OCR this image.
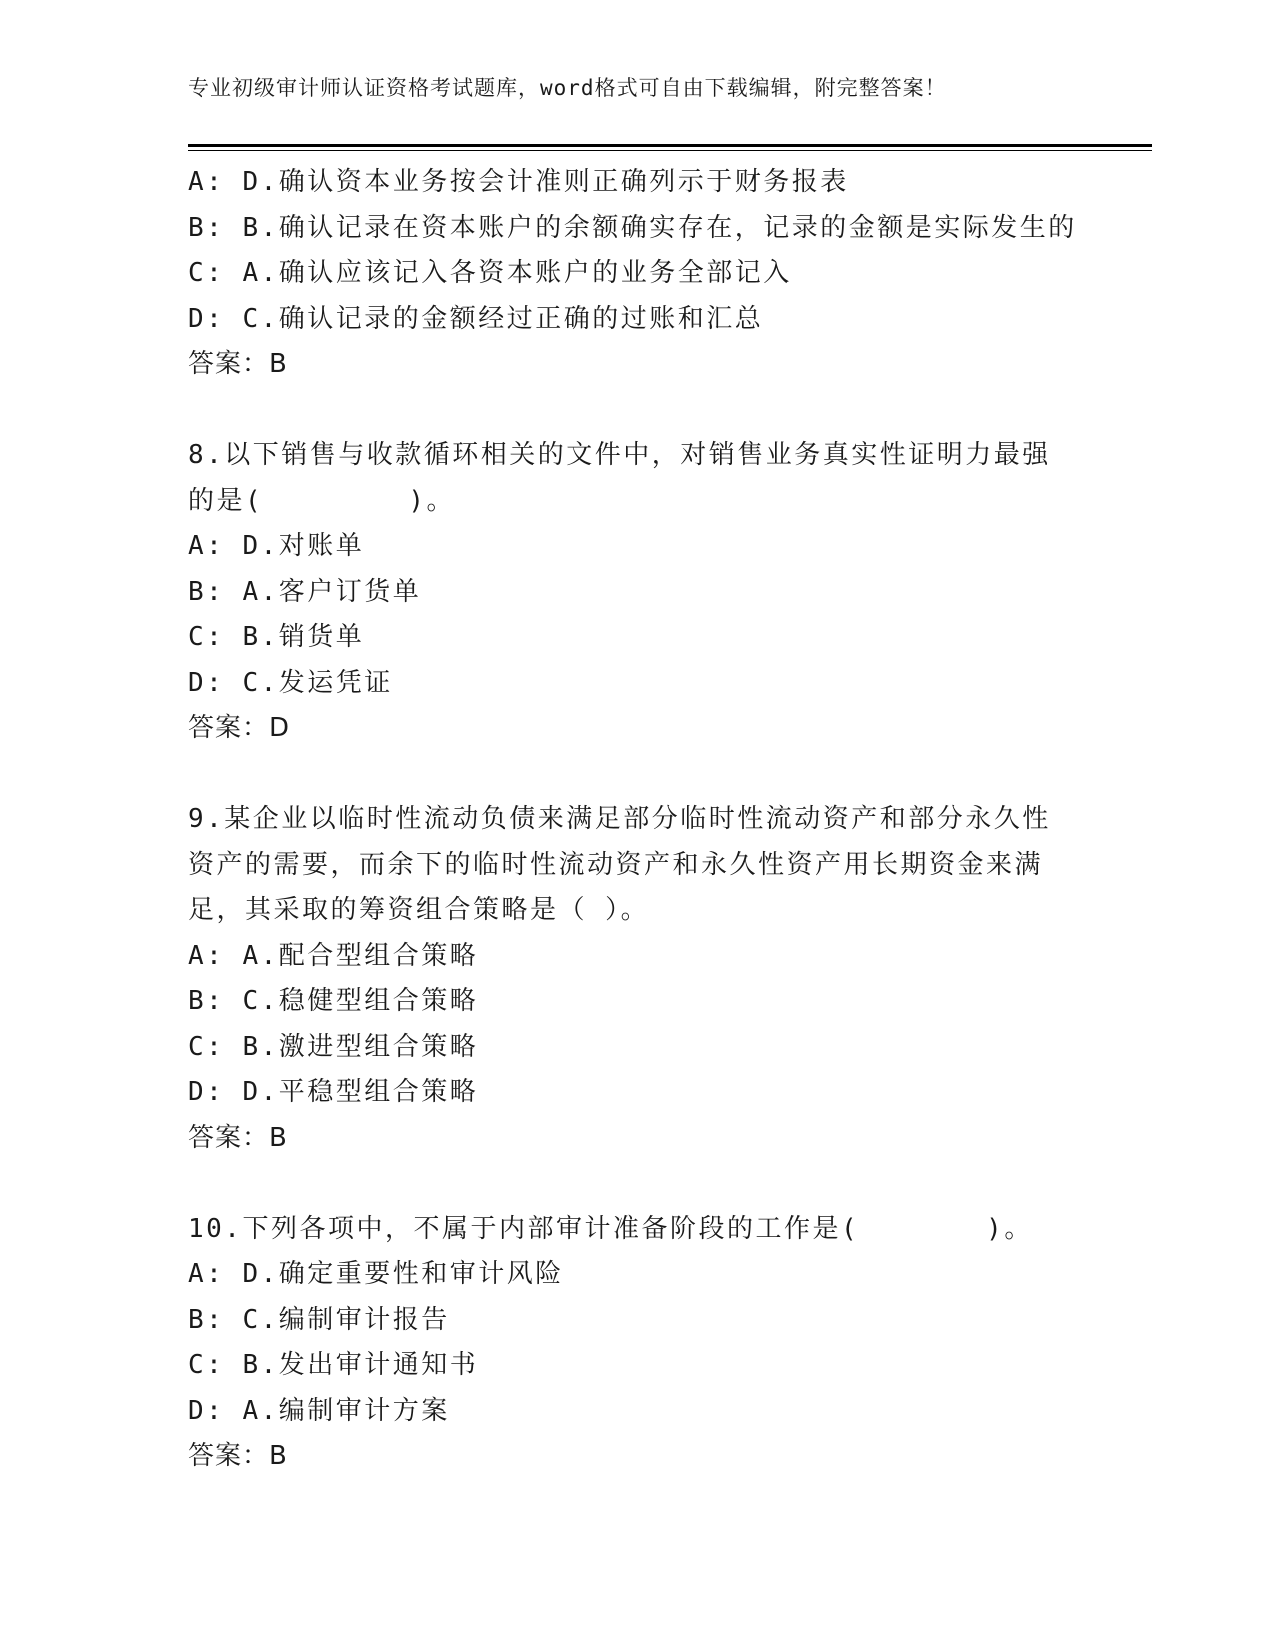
专业初级审计师认证资格考试题库，word格式可自由下载编辑，附完整答案！
A: D.确认资本业务按会计准则正确列示于财务报表
B: B.确认记录在资本账户的余额确实存在，记录的金额是实际发生的
C: A.确认应该记入各资本账户的业务全部记入
D: C.确认记录的金额经过正确的过账和汇总
答案：B
8.以下销售与收款循环相关的文件中，对销售业务真实性证明力最强
的是(        )。
A: D.对账单
B: A.客户订货单
C: B.销货单
D: C.发运凭证
答案：D
9.某企业以临时性流动负债来满足部分临时性流动资产和部分永久性
资产的需要，而余下的临时性流动资产和永久性资产用长期资金来满
足，其采取的筹资组合策略是（ ）。
A: A.配合型组合策略
B: C.稳健型组合策略
C: B.激进型组合策略
D: D.平稳型组合策略
答案：B
10.下列各项中，不属于内部审计准备阶段的工作是(       )。
A: D.确定重要性和审计风险
B: C.编制审计报告
C: B.发出审计通知书
D: A.编制审计方案
答案：B
